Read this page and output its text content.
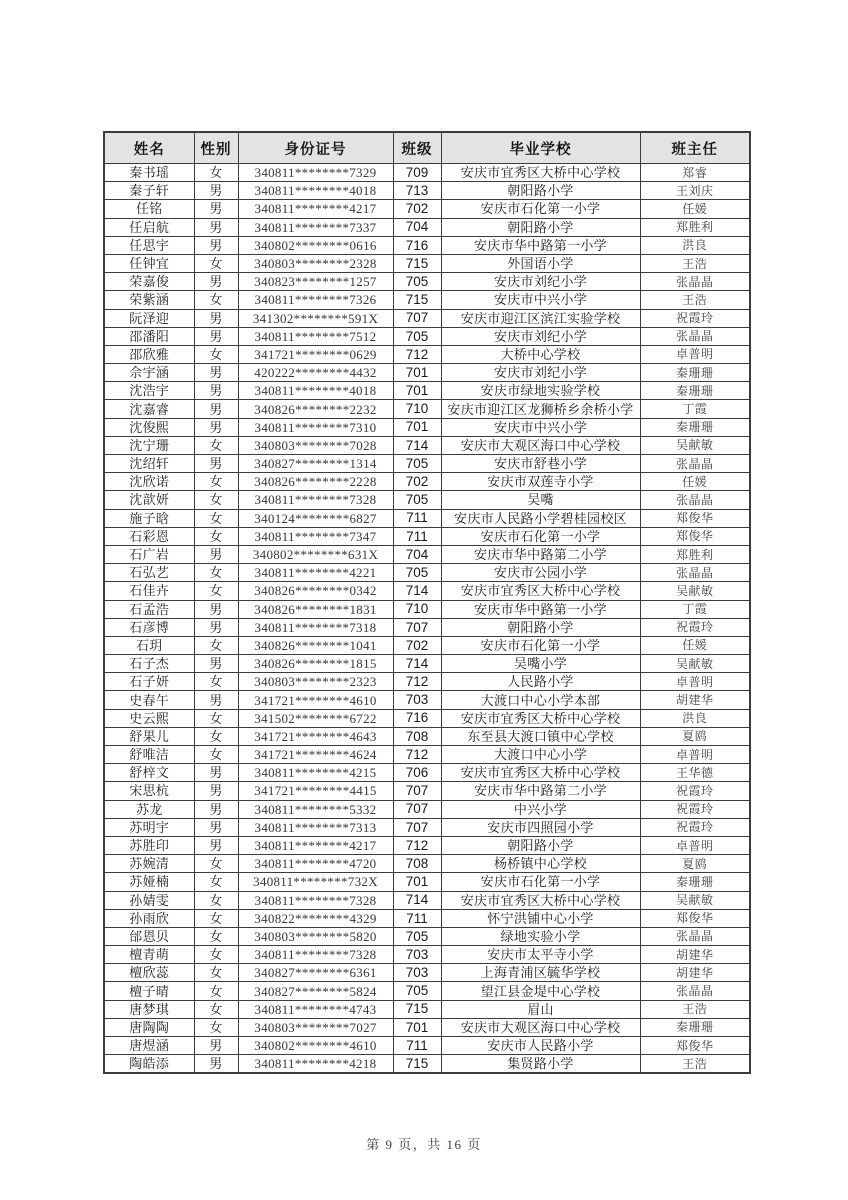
姓名	性别	身份证号	班级	毕业学校	班主任
秦书瑶	女	340811********7329	709	安庆市宜秀区大桥中心学校	郑睿
秦子轩	男	340811********4018	713	朝阳路小学	王刘庆
任铭	男	340811********4217	702	安庆市石化第一小学	任媛
任启航	男	340811********7337	704	朝阳路小学	郑胜利
任思宇	男	340802********0616	716	安庆市华中路第一小学	洪良
任钟宜	女	340803********2328	715	外国语小学	王浩
荣嘉俊	男	340823********1257	705	安庆市刘纪小学	张晶晶
荣紫涵	女	340811********7326	715	安庆市中兴小学	王浩
阮泽迎	男	341302********591X	707	安庆市迎江区滨江实验学校	祝霞玲
邵潘阳	男	340811********7512	705	安庆市刘纪小学	张晶晶
邵欣雅	女	341721********0629	712	大桥中心学校	卓普明
佘宇涵	男	420222********4432	701	安庆市刘纪小学	秦珊珊
沈浩宇	男	340811********4018	701	安庆市绿地实验学校	秦珊珊
沈嘉睿	男	340826********2232	710	安庆市迎江区龙狮桥乡余桥小学	丁霞
沈俊熙	男	340811********7310	701	安庆市中兴小学	秦珊珊
沈宁珊	女	340803********7028	714	安庆市大观区海口中心学校	吴献敏
沈绍轩	男	340827********1314	705	安庆市舒巷小学	张晶晶
沈欣诺	女	340826********2228	702	安庆市双莲寺小学	任媛
沈歆妍	女	340811********7328	705	吴嘴	张晶晶
施子晗	女	340124********6827	711	安庆市人民路小学碧桂园校区	郑俊华
石彩恩	女	340811********7347	711	安庆市石化第一小学	郑俊华
石广岩	男	340802********631X	704	安庆市华中路第二小学	郑胜利
石弘艺	女	340811********4221	705	安庆市公园小学	张晶晶
石佳卉	女	340826********0342	714	安庆市宜秀区大桥中心学校	吴献敏
石孟浩	男	340826********1831	710	安庆市华中路第一小学	丁霞
石彦博	男	340811********7318	707	朝阳路小学	祝霞玲
石玥	女	340826********1041	702	安庆市石化第一小学	任媛
石子杰	男	340826********1815	714	吴嘴小学	吴献敏
石子妍	女	340803********2323	712	人民路小学	卓普明
史春午	男	341721********4610	703	大渡口中心小学本部	胡建华
史云熙	女	341502********6722	716	安庆市宜秀区大桥中心学校	洪良
舒果儿	女	341721********4643	708	东至县大渡口镇中心学校	夏鸥
舒唯洁	女	341721********4624	712	大渡口中心小学	卓普明
舒梓文	男	340811********4215	706	安庆市宜秀区大桥中心学校	王华德
宋思杭	男	341721********4415	707	安庆市华中路第二小学	祝霞玲
苏龙	男	340811********5332	707	中兴小学	祝霞玲
苏明宇	男	340811********7313	707	安庆市四照园小学	祝霞玲
苏胜印	男	340811********4217	712	朝阳路小学	卓普明
苏婉清	女	340811********4720	708	杨桥镇中心学校	夏鸥
苏娅楠	女	340811********732X	701	安庆市石化第一小学	秦珊珊
孙婧雯	女	340811********7328	714	安庆市宜秀区大桥中心学校	吴献敏
孙雨欣	女	340822********4329	711	怀宁洪铺中心小学	郑俊华
邰恩贝	女	340803********5820	705	绿地实验小学	张晶晶
檀青萌	女	340811********7328	703	安庆市太平寺小学	胡建华
檀欣蕊	女	340827********6361	703	上海青浦区毓华学校	胡建华
檀子晴	女	340827********5824	705	望江县金堤中心学校	张晶晶
唐梦琪	女	340811********4743	715	眉山	王浩
唐陶陶	女	340803********7027	701	安庆市大观区海口中心学校	秦珊珊
唐煜涵	男	340802********4610	711	安庆市人民路小学	郑俊华
陶皓添	男	340811********4218	715	集贤路小学	王浩
第 9 页，共 16 页
